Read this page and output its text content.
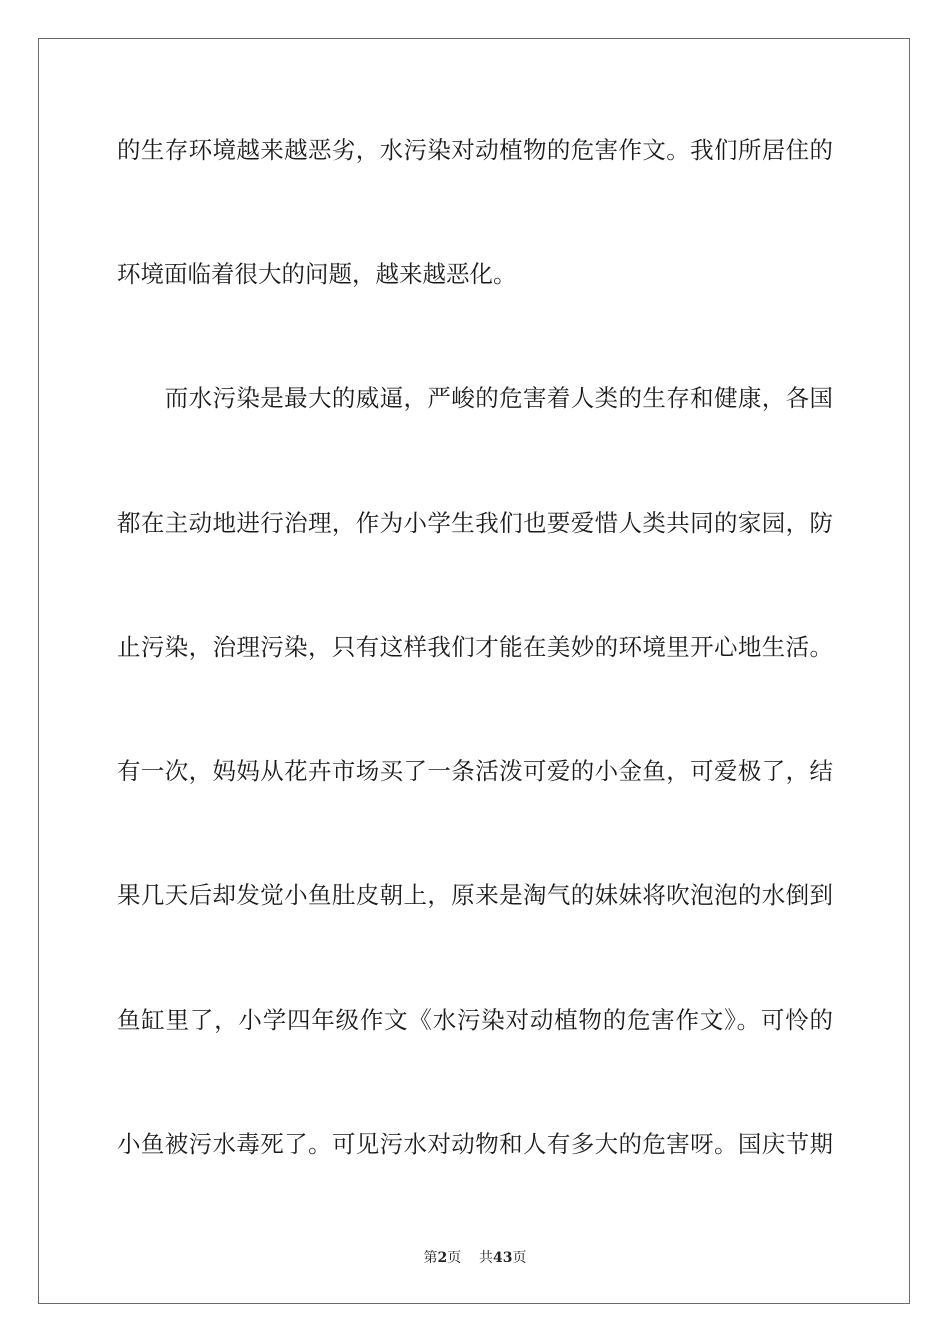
的生存环境越来越恶劣，水污染对动植物的危害作文。我们所居住的
环境面临着很大的问题，越来越恶化。
　　而水污染是最大的威逼，严峻的危害着人类的生存和健康，各国
都在主动地进行治理，作为小学生我们也要爱惜人类共同的家园，防
止污染，治理污染，只有这样我们才能在美妙的环境里开心地生活。
有一次，妈妈从花卉市场买了一条活泼可爱的小金鱼，可爱极了，结
果几天后却发觉小鱼肚皮朝上，原来是淘气的妹妹将吹泡泡的水倒到
鱼缸里了，小学四年级作文《水污染对动植物的危害作文》。可怜的
小鱼被污水毒死了。可见污水对动物和人有多大的危害呀。国庆节期
第2页 共43页
